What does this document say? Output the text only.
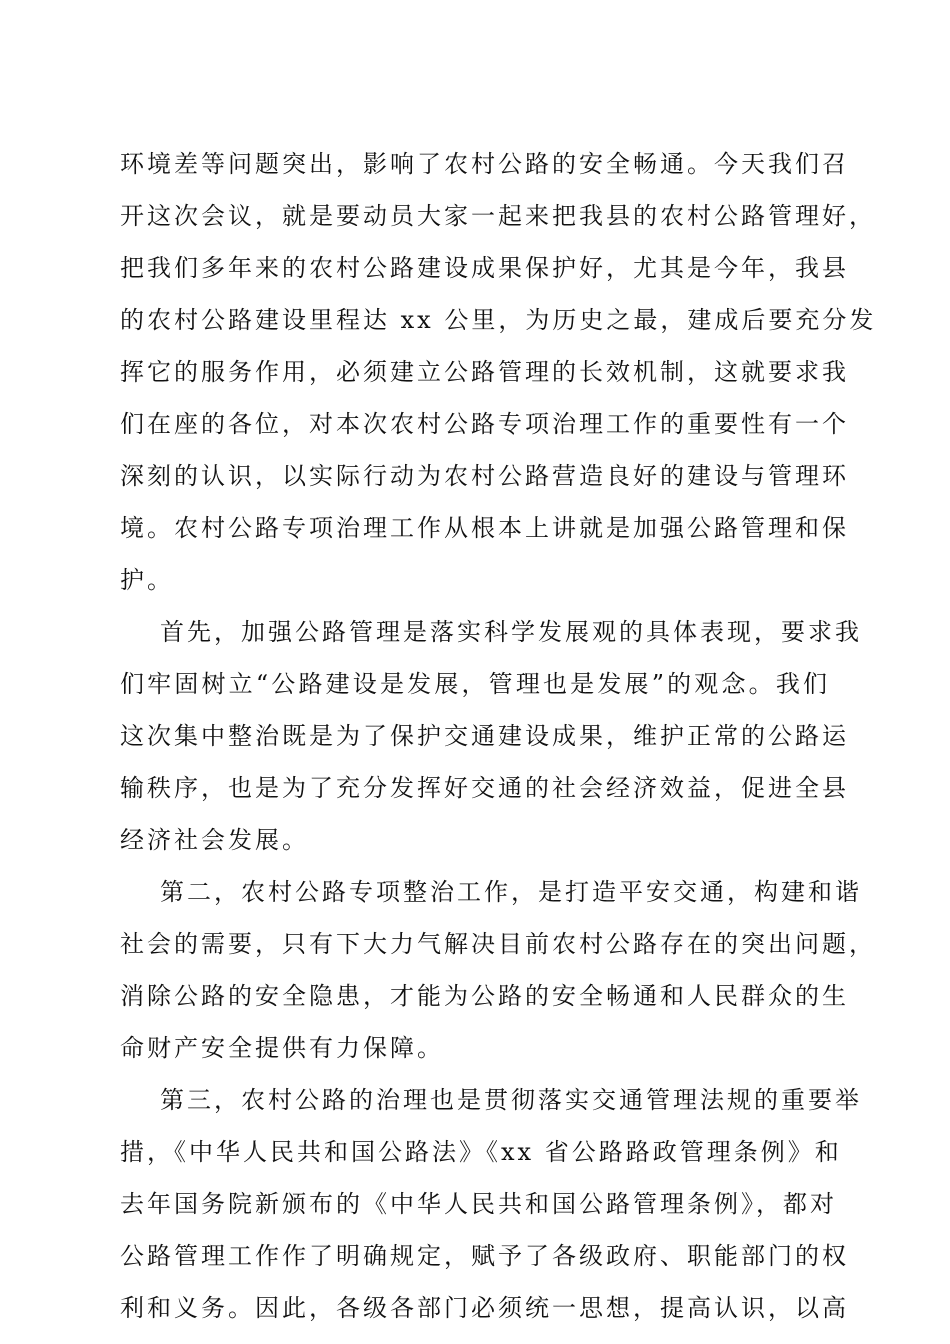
环境差等问题突出，影响了农村公路的安全畅通。今天我们召
开这次会议，就是要动员大家一起来把我县的农村公路管理好，
把我们多年来的农村公路建设成果保护好，尤其是今年，我县
的农村公路建设里程达 xx 公里，为历史之最，建成后要充分发
挥它的服务作用，必须建立公路管理的长效机制，这就要求我
们在座的各位，对本次农村公路专项治理工作的重要性有一个
深刻的认识，以实际行动为农村公路营造良好的建设与管理环
境。农村公路专项治理工作从根本上讲就是加强公路管理和保
护。
首先，加强公路管理是落实科学发展观的具体表现，要求我
们牢固树立“公路建设是发展，管理也是发展”的观念。我们
这次集中整治既是为了保护交通建设成果，维护正常的公路运
输秩序，也是为了充分发挥好交通的社会经济效益，促进全县
经济社会发展。
第二，农村公路专项整治工作，是打造平安交通，构建和谐
社会的需要，只有下大力气解决目前农村公路存在的突出问题，
消除公路的安全隐患，才能为公路的安全畅通和人民群众的生
命财产安全提供有力保障。
第三，农村公路的治理也是贯彻落实交通管理法规的重要举
措，《中华人民共和国公路法》《xx 省公路路政管理条例》和
去年国务院新颁布的《中华人民共和国公路管理条例》，都对
公路管理工作作了明确规定，赋予了各级政府、职能部门的权
利和义务。因此，各级各部门必须统一思想，提高认识，以高
